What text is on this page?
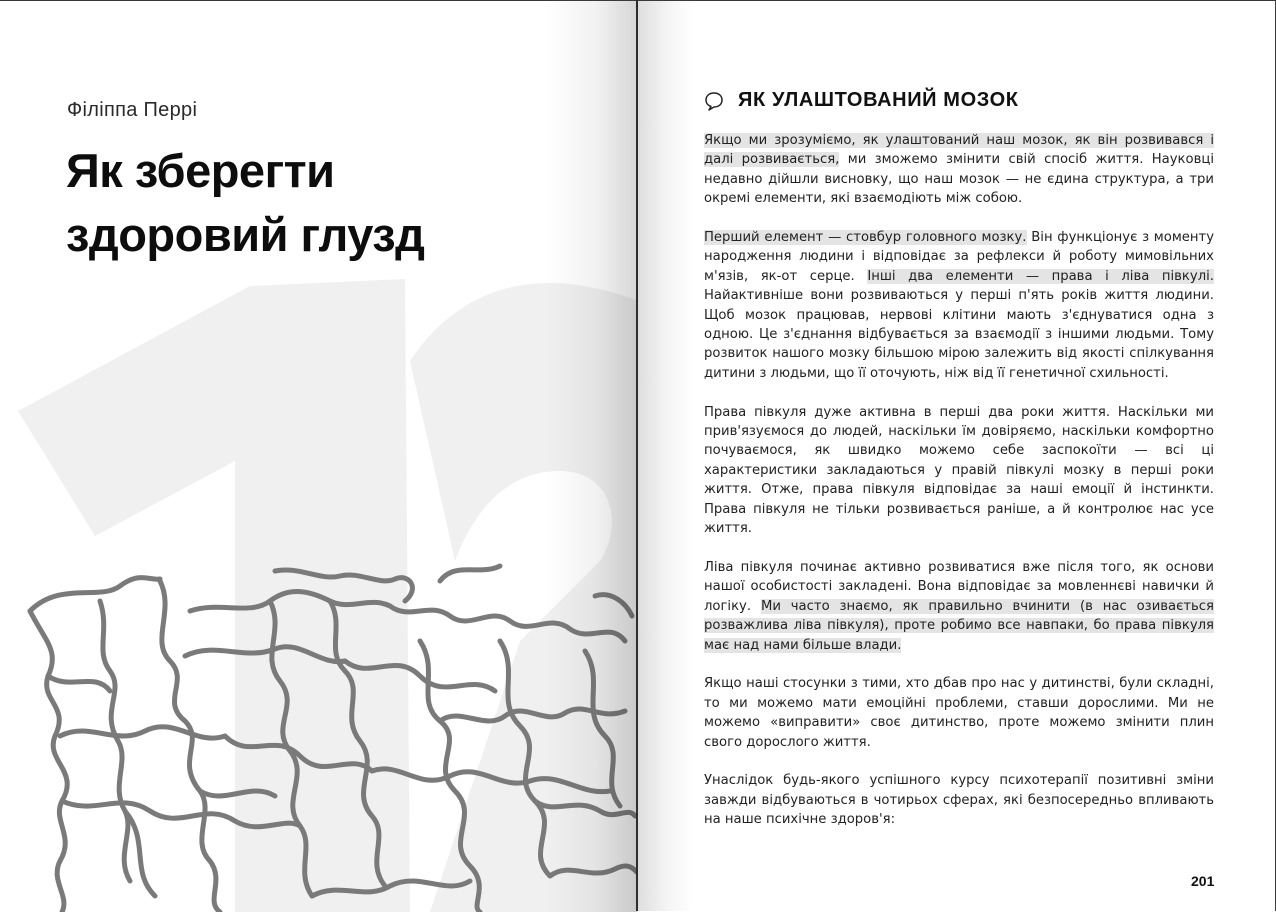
Філіппа Перрі
Як зберегти
здоровий глузд
ЯК УЛАШТОВАНИЙ МОЗОК

Якщо ми зрозуміємо, як улаштований наш мозок, як він розвивався і далі розвивається, ми зможемо змінити свій спосіб життя. Науковці недавно дійшли висновку, що наш мозок — не єдина структура, а три окремі елементи, які взаємодіють між собою.

Перший елемент — стовбур головного мозку. Він функціонує з моменту народження людини і відповідає за рефлекси й роботу мимовільних м'язів, як-от серце. Інші два елементи — права і ліва півкулі. Найактивніше вони розвиваються у перші п'ять років життя людини. Щоб мозок працював, нервові клітини мають з'єднуватися одна з одною. Це з'єднання відбувається за взаємодії з іншими людьми. Тому розвиток нашого мозку більшою мірою залежить від якості спілкування дитини з людьми, що її оточують, ніж від її генетичної схильності.

Права півкуля дуже активна в перші два роки життя. Наскільки ми прив'язуємося до людей, наскільки їм довіряємо, наскільки комфортно почуваємося, як швидко можемо себе заспокоїти — всі ці характеристики закладаються у правій півкулі мозку в перші роки життя. Отже, права півкуля відповідає за наші емоції й інстинкти. Права півкуля не тільки розвивається раніше, а й контролює нас усе життя.

Ліва півкуля починає активно розвиватися вже після того, як основи нашої особистості закладені. Вона відповідає за мовленнєві навички й логіку. Ми часто знаємо, як правильно вчинити (в нас озивається розважлива ліва півкуля), проте робимо все навпаки, бо права півкуля має над нами більше влади.

Якщо наші стосунки з тими, хто дбав про нас у дитинстві, були складні, то ми можемо мати емоційні проблеми, ставши дорослими. Ми не можемо «виправити» своє дитинство, проте можемо змінити плин свого дорослого життя.

Унаслідок будь-якого успішного курсу психотерапії позитивні зміни завжди відбуваються в чотирьох сферах, які безпосередньо впливають на наше психічне здоров'я:

201
